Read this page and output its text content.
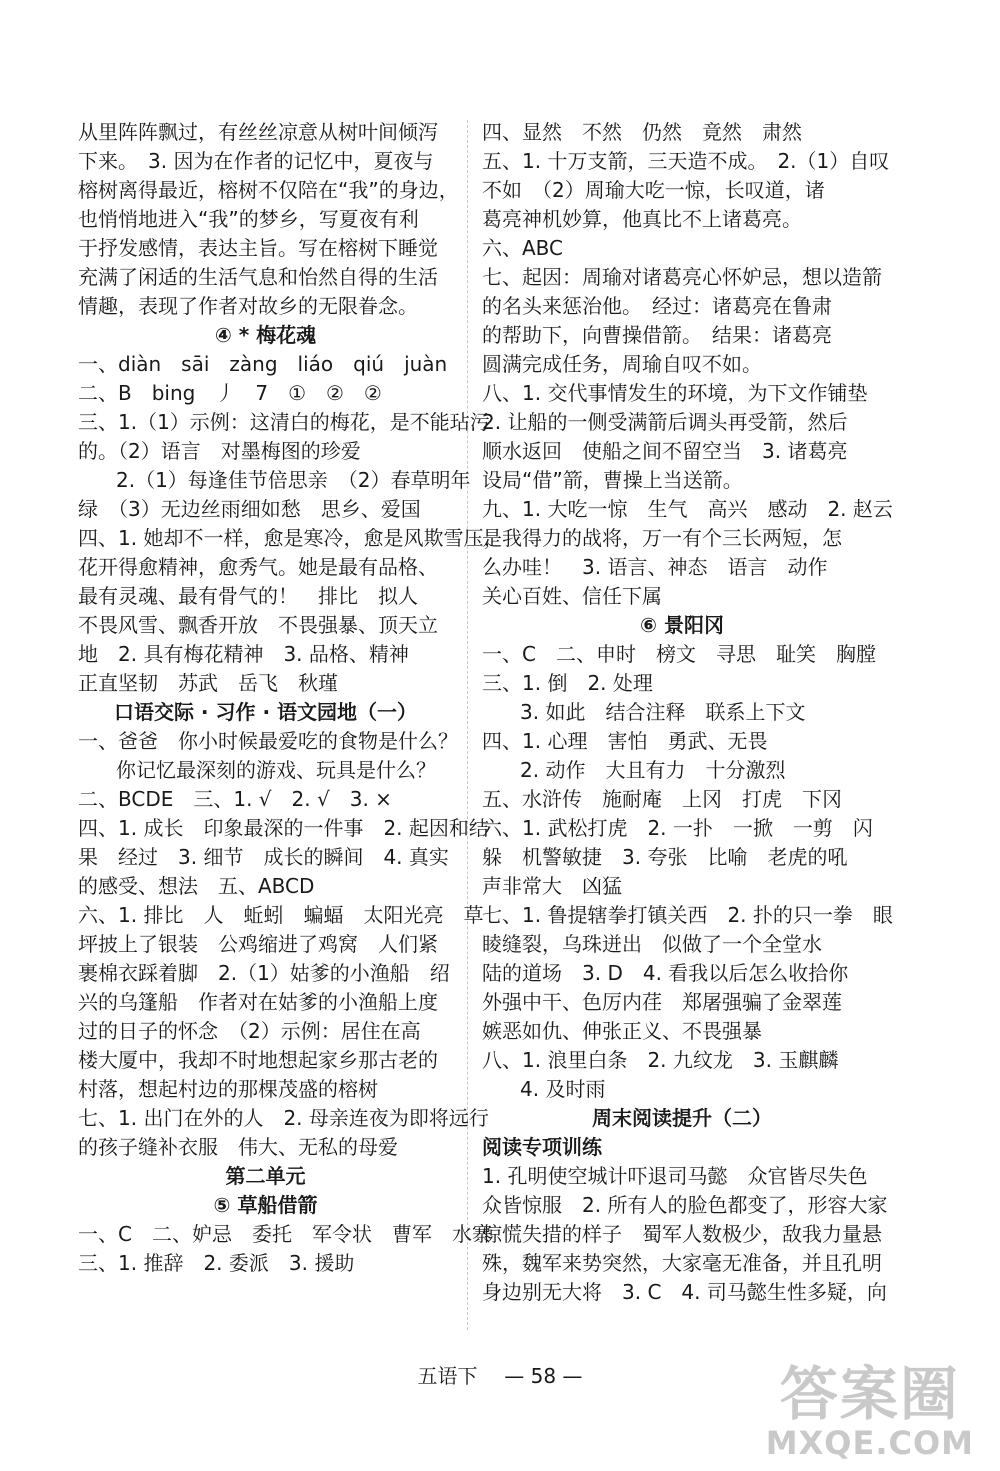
从里阵阵飘过，有丝丝凉意从树叶间倾泻
下来。　3. 因为在作者的记忆中，夏夜与
榕树离得最近，榕树不仅陪在“我”的身边，
也悄悄地进入“我”的梦乡，写夏夜有利
于抒发感情，表达主旨。写在榕树下睡觉
充满了闲适的生活气息和怡然自得的生活
情趣，表现了作者对故乡的无限眷念。
④ * 梅花魂
一、diàn　sāi　zàng　liáo　qiú　juàn
二、B　bing　丿　7　①　②　②
三、1.（1）示例：这清白的梅花，是不能玷污
的。（2）语言　对墨梅图的珍爱
2.（1）每逢佳节倍思亲　（2）春草明年
绿　（3）无边丝雨细如愁　思乡、爱国
四、1. 她却不一样，愈是寒冷，愈是风欺雪压，
花开得愈精神，愈秀气。她是最有品格、
最有灵魂、最有骨气的！　排比　拟人
不畏风雪、飘香开放　不畏强暴、顶天立
地　2. 具有梅花精神　3. 品格、精神
正直坚韧　苏武　岳飞　秋瑾
口语交际 · 习作 · 语文园地（一）
一、爸爸　你小时候最爱吃的食物是什么？
你记忆最深刻的游戏、玩具是什么？
二、BCDE　三、1. √　2. √　3. ×
四、1. 成长　印象最深的一件事　2. 起因和结
果　经过　3. 细节　成长的瞬间　4. 真实
的感受、想法　五、ABCD
六、1. 排比　人　蚯蚓　蝙蝠　太阳光亮　草
坪披上了银装　公鸡缩进了鸡窝　人们紧
裹棉衣踩着脚　2.（1）姑爹的小渔船　绍
兴的乌篷船　作者对在姑爹的小渔船上度
过的日子的怀念　（2）示例：居住在高
楼大厦中，我却不时地想起家乡那古老的
村落，想起村边的那棵茂盛的榕树
七、1. 出门在外的人　2. 母亲连夜为即将远行
的孩子缝补衣服　伟大、无私的母爱
第二单元
⑤ 草船借箭
一、C　二、妒忌　委托　军令状　曹军　水寨
三、1. 推辞　2. 委派　3. 援助
四、显然　不然　仍然　竟然　肃然
五、1. 十万支箭，三天造不成。　2.（1）自叹
不如　（2）周瑜大吃一惊，长叹道，诸
葛亮神机妙算，他真比不上诸葛亮。
六、ABC
七、起因：周瑜对诸葛亮心怀妒忌，想以造箭
的名头来惩治他。　经过：诸葛亮在鲁肃
的帮助下，向曹操借箭。　结果：诸葛亮
圆满完成任务，周瑜自叹不如。
八、1. 交代事情发生的环境，为下文作铺垫
2. 让船的一侧受满箭后调头再受箭，然后
顺水返回　使船之间不留空当　3. 诸葛亮
设局“借”箭，曹操上当送箭。
九、1. 大吃一惊　生气　高兴　感动　2. 赵云
是我得力的战将，万一有个三长两短，怎
么办哇！　3. 语言、神态　语言　动作
关心百姓、信任下属
⑥ 景阳冈
一、C　二、申时　榜文　寻思　耻笑　胸膛
三、1. 倒　2. 处理
3. 如此　结合注释　联系上下文
四、1. 心理　害怕　勇武、无畏
2. 动作　大且有力　十分激烈
五、水浒传　施耐庵　上冈　打虎　下冈
六、1. 武松打虎　2. 一扑　一掀　一剪　闪
躲　机警敏捷　3. 夸张　比喻　老虎的吼
声非常大　凶猛
七、1. 鲁提辖拳打镇关西　2. 扑的只一拳　眼
睖缝裂，乌珠迸出　似做了一个全堂水
陆的道场　3. D　4. 看我以后怎么收拾你
外强中干、色厉内荏　郑屠强骗了金翠莲
嫉恶如仇、伸张正义、不畏强暴
八、1. 浪里白条　2. 九纹龙　3. 玉麒麟
4. 及时雨
周末阅读提升（二）
阅读专项训练
1. 孔明使空城计吓退司马懿　众官皆尽失色
众皆惊服　2. 所有人的脸色都变了，形容大家
惊慌失措的样子　蜀军人数极少，敌我力量悬
殊，魏军来势突然，大家毫无准备，并且孔明
身边别无大将　3. C　4. 司马懿生性多疑，向
五语下 — 58 —	答案圈
MXQE.COM
